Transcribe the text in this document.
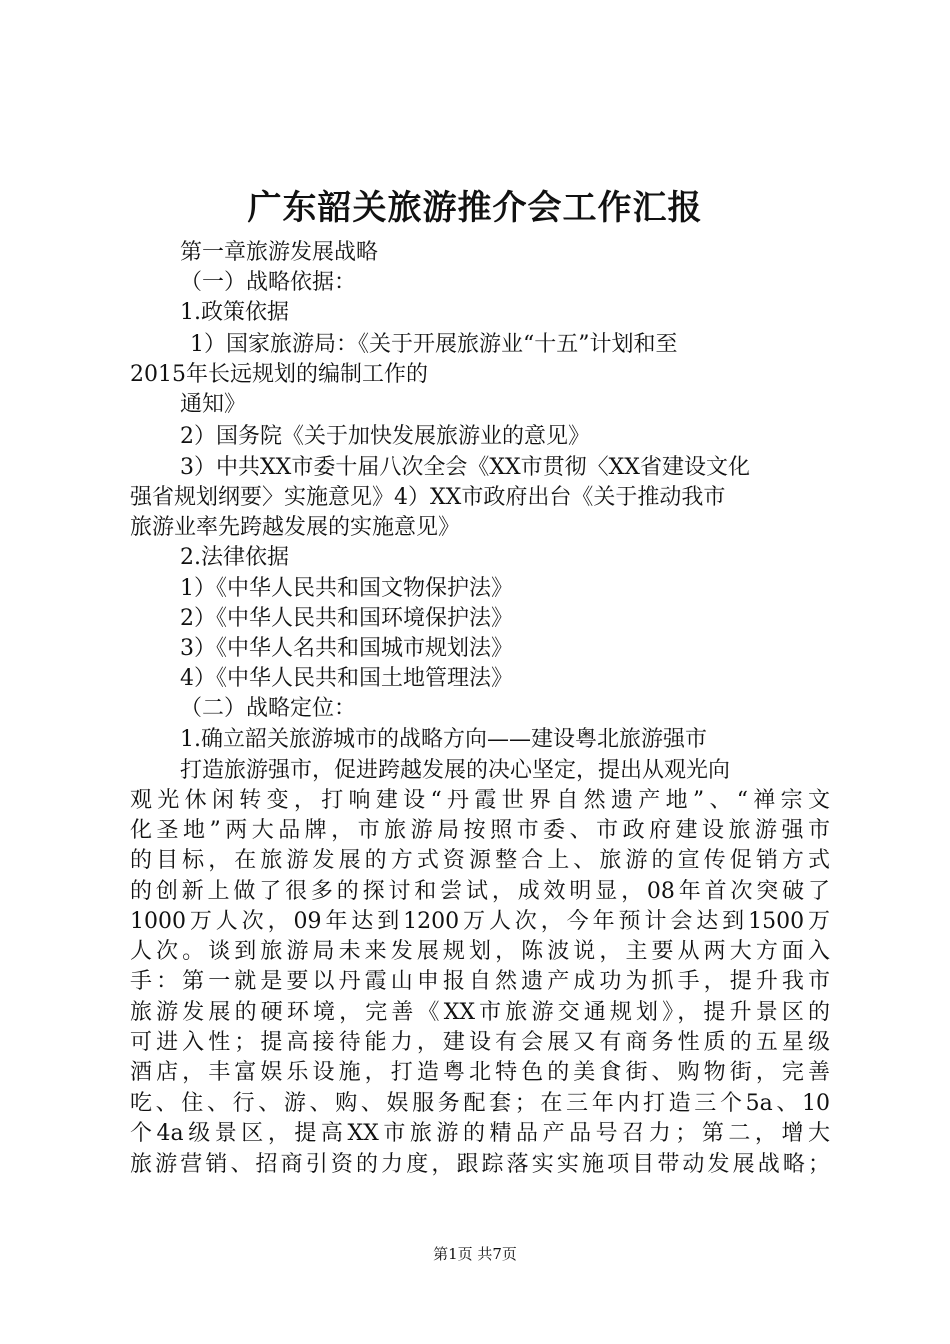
广东韶关旅游推介会工作汇报
第一章旅游发展战略
（一）战略依据：
1.政策依据
1）国家旅游局：《关于开展旅游业“十五”计划和至
2015年长远规划的编制工作的
通知》
2）国务院《关于加快发展旅游业的意见》
3）中共XX市委十届八次全会《XX市贯彻〈XX省建设文化
强省规划纲要〉实施意见》4）XX市政府出台《关于推动我市
旅游业率先跨越发展的实施意见》
2.法律依据
1）《中华人民共和国文物保护法》
2）《中华人民共和国环境保护法》
3）《中华人名共和国城市规划法》
4）《中华人民共和国土地管理法》
（二）战略定位：
1.确立韶关旅游城市的战略方向——建设粤北旅游强市
打造旅游强市，促进跨越发展的决心坚定，提出从观光向
观光休闲转变，打响建设“丹霞世界自然遗产地”、“禅宗文
化圣地”两大品牌，市旅游局按照市委、市政府建设旅游强市
的目标，在旅游发展的方式资源整合上、旅游的宣传促销方式
的创新上做了很多的探讨和尝试，成效明显，08年首次突破了
1000万人次，09年达到1200万人次，今年预计会达到1500万
人次。谈到旅游局未来发展规划，陈波说，主要从两大方面入
手：第一就是要以丹霞山申报自然遗产成功为抓手，提升我市
旅游发展的硬环境，完善《XX市旅游交通规划》，提升景区的
可进入性；提高接待能力，建设有会展又有商务性质的五星级
酒店，丰富娱乐设施，打造粤北特色的美食街、购物街，完善
吃、住、行、游、购、娱服务配套；在三年内打造三个5a、10
个4a级景区，提高XX市旅游的精品产品号召力；第二，增大
旅游营销、招商引资的力度，跟踪落实实施项目带动发展战略；
第1页 共7页
